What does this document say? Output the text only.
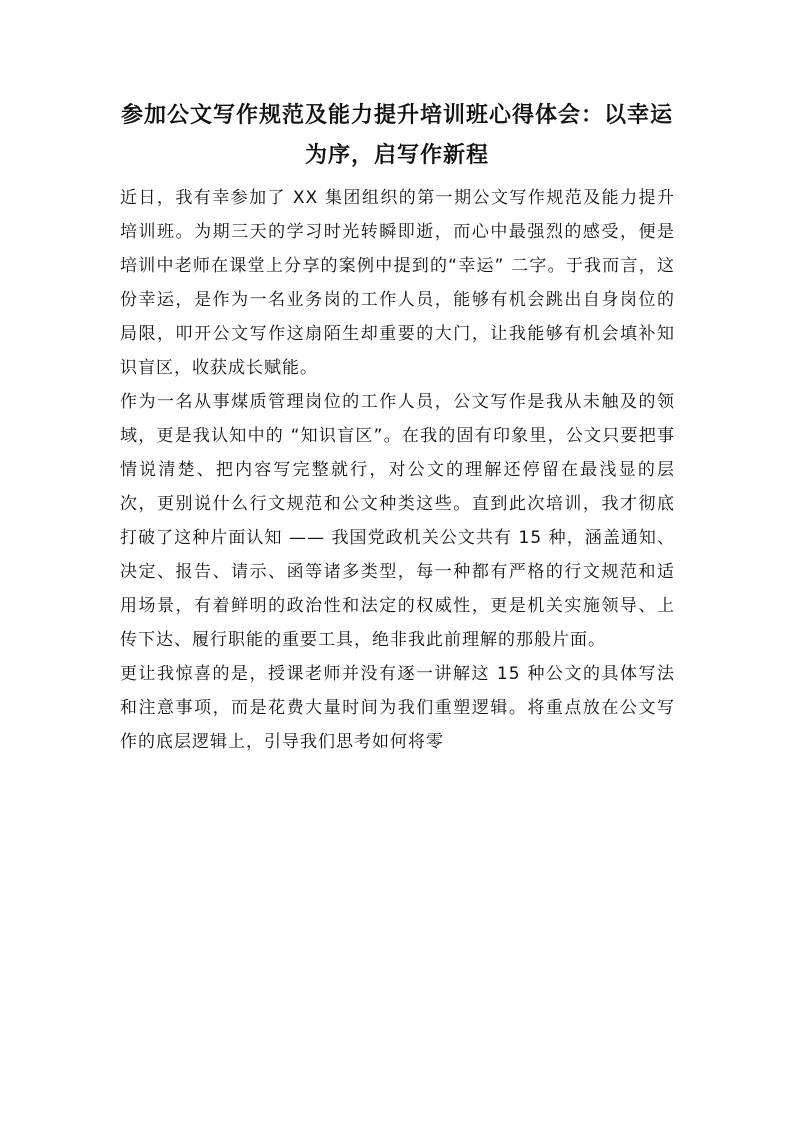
参加公文写作规范及能力提升培训班心得体会：以幸运为序，启写作新程

近日，我有幸参加了 XX 集团组织的第一期公文写作规范及能力提升培训班。为期三天的学习时光转瞬即逝，而心中最强烈的感受，便是培训中老师在课堂上分享的案例中提到的“幸运” 二字。于我而言，这份幸运，是作为一名业务岗的工作人员，能够有机会跳出自身岗位的局限，叩开公文写作这扇陌生却重要的大门，让我能够有机会填补知识盲区，收获成长赋能。

作为一名从事煤质管理岗位的工作人员，公文写作是我从未触及的领域，更是我认知中的 “知识盲区”。在我的固有印象里，公文只要把事情说清楚、把内容写完整就行，对公文的理解还停留在最浅显的层次，更别说什么行文规范和公文种类这些。直到此次培训，我才彻底打破了这种片面认知 —— 我国党政机关公文共有 15 种，涵盖通知、决定、报告、请示、函等诸多类型，每一种都有严格的行文规范和适用场景，有着鲜明的政治性和法定的权威性，更是机关实施领导、上传下达、履行职能的重要工具，绝非我此前理解的那般片面。

更让我惊喜的是，授课老师并没有逐一讲解这 15 种公文的具体写法和注意事项，而是花费大量时间为我们重塑逻辑。将重点放在公文写作的底层逻辑上，引导我们思考如何将零
